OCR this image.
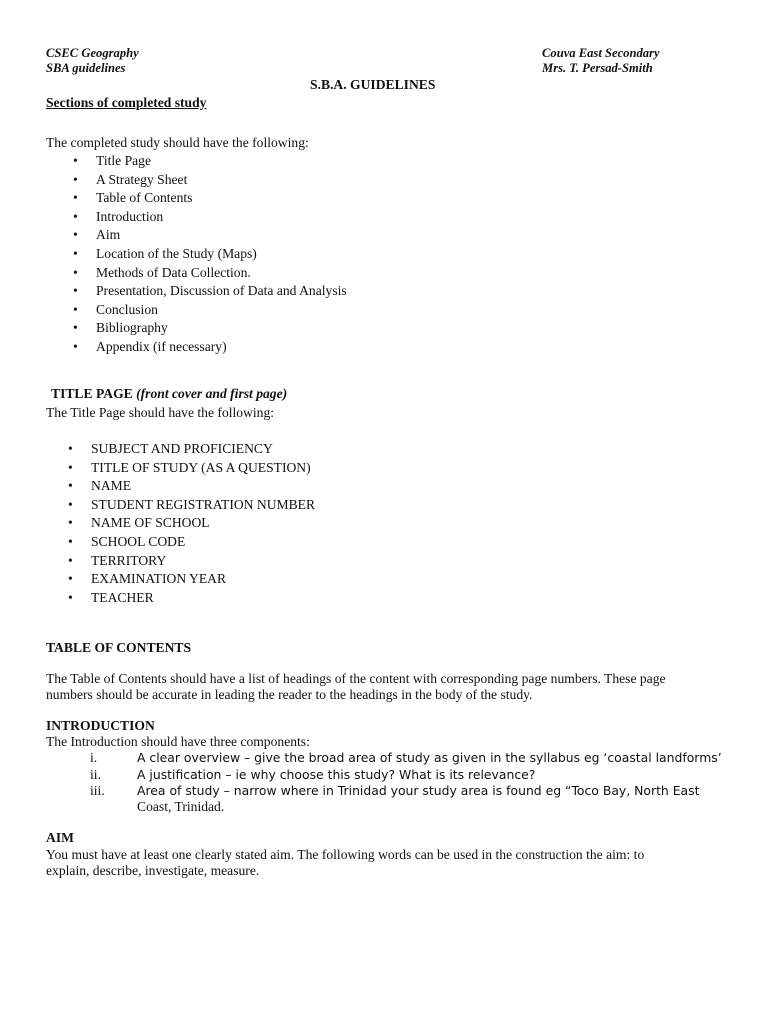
CSEC Geography
SBA guidelines
Couva East Secondary
Mrs. T. Persad-Smith
S.B.A. GUIDELINES
Sections of completed study
The completed study should have the following:
• Title Page
• A Strategy Sheet
• Table of Contents
• Introduction
• Aim
• Location of the Study (Maps)
• Methods of Data Collection.
• Presentation, Discussion of Data and Analysis
• Conclusion
• Bibliography
• Appendix (if necessary)
TITLE PAGE (front cover and first page)
The Title Page should have the following:
• SUBJECT AND PROFICIENCY
• TITLE OF STUDY (AS A QUESTION)
• NAME
• STUDENT REGISTRATION NUMBER
• NAME OF SCHOOL
• SCHOOL CODE
• TERRITORY
• EXAMINATION YEAR
• TEACHER
TABLE OF CONTENTS
The Table of Contents should have a list of headings of the content with corresponding page numbers. These page
numbers should be accurate in leading the reader to the headings in the body of the study.
INTRODUCTION
The Introduction should have three components:
i.	A clear overview – give the broad area of study as given in the syllabus eg ‘coastal landforms’
ii.	A justification – ie why choose this study? What is its relevance?
iii.	Area of study – narrow where in Trinidad your study area is found eg “Toco Bay, North East
Coast, Trinidad.
AIM
You must have at least one clearly stated aim. The following words can be used in the construction the aim: to
explain, describe, investigate, measure.
